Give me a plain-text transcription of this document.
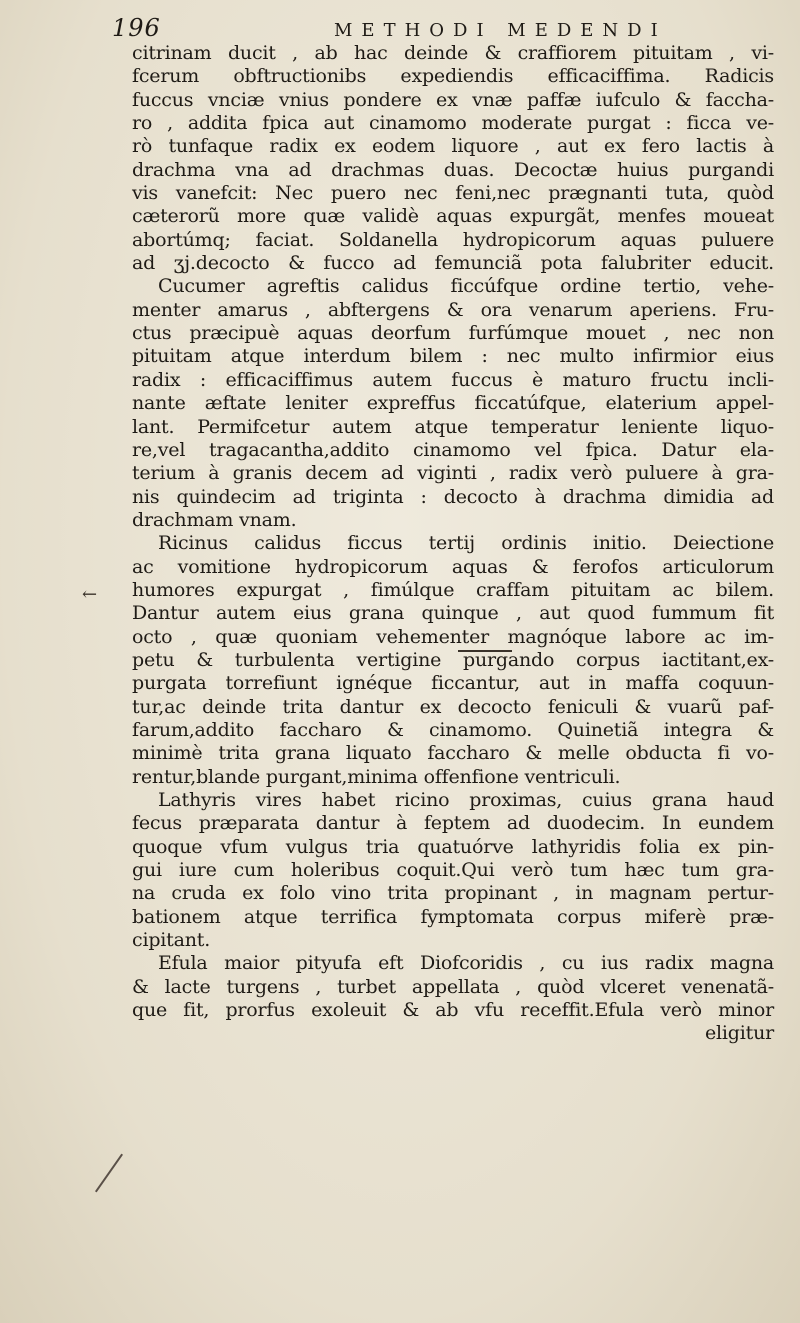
196	METHODI MEDENDI
←
citrinam ducit , ab hac deinde & craffiorem pituitam , vi-
fcerum obftructionibs expediendis efficaciffima. Radicis
fuccus vnciæ vnius pondere ex vnæ paffæ iufculo & faccha-
ro , addita fpica aut cinamomo moderate purgat : ficca ve-
rò tunfaque radix ex eodem liquore , aut ex fero lactis à
drachma vna ad drachmas duas. Decoctæ huius purgandi
vis vanefcit: Nec puero nec feni,nec prægnanti tuta, quòd
cæterorũ more quæ validè aquas expurgãt, menfes moueat
abortúmq; faciat. Soldanella hydropicorum aquas puluere
ad ʒj.decocto & fucco ad femunciã pota falubriter educit.
Cucumer agreftis calidus ficcúfque ordine tertio, vehe-
menter amarus , abftergens & ora venarum aperiens. Fru-
ctus præcipuè aquas deorfum furfúmque mouet , nec non
pituitam atque interdum bilem : nec multo infirmior eius
radix : efficaciffimus autem fuccus è maturo fructu incli-
nante æftate leniter expreffus ficcatúfque, elaterium appel-
lant. Permifcetur autem atque temperatur leniente liquo-
re,vel tragacantha,addito cinamomo vel fpica. Datur ela-
terium à granis decem ad viginti , radix verò puluere à gra-
nis quindecim ad triginta : decocto à drachma dimidia ad
drachmam vnam.
Ricinus calidus ficcus tertij ordinis initio. Deiectione
ac vomitione hydropicorum aquas & ferofos articulorum
humores expurgat , fimúlque craffam pituitam ac bilem.
Dantur autem eius grana quinque , aut quod fummum fit
octo , quæ quoniam vehementer magnóque labore ac im-
petu & turbulenta vertigine purgando corpus iactitant,ex-
purgata torrefiunt ignéque ficcantur, aut in maffa coquun-
tur,ac deinde trita dantur ex decocto feniculi & vuarũ paf-
farum,addito faccharo & cinamomo. Quinetiã integra &
minimè trita grana liquato faccharo & melle obducta fi vo-
rentur,blande purgant,minima offenfione ventriculi.
Lathyris vires habet ricino proximas, cuius grana haud
fecus præparata dantur à feptem ad duodecim. In eundem
quoque vfum vulgus tria quatuórve lathyridis folia ex pin-
gui iure cum holeribus coquit.Qui verò tum hæc tum gra-
na cruda ex folo vino trita propinant , in magnam pertur-
bationem atque terrifica fymptomata corpus miferè præ-
cipitant.
Efula maior pityufa eft Diofcoridis , cu ius radix magna
& lacte turgens , turbet appellata , quòd vlceret venenatã-
que fit, prorfus exoleuit & ab vfu receffit.Efula verò minor
eligitur
